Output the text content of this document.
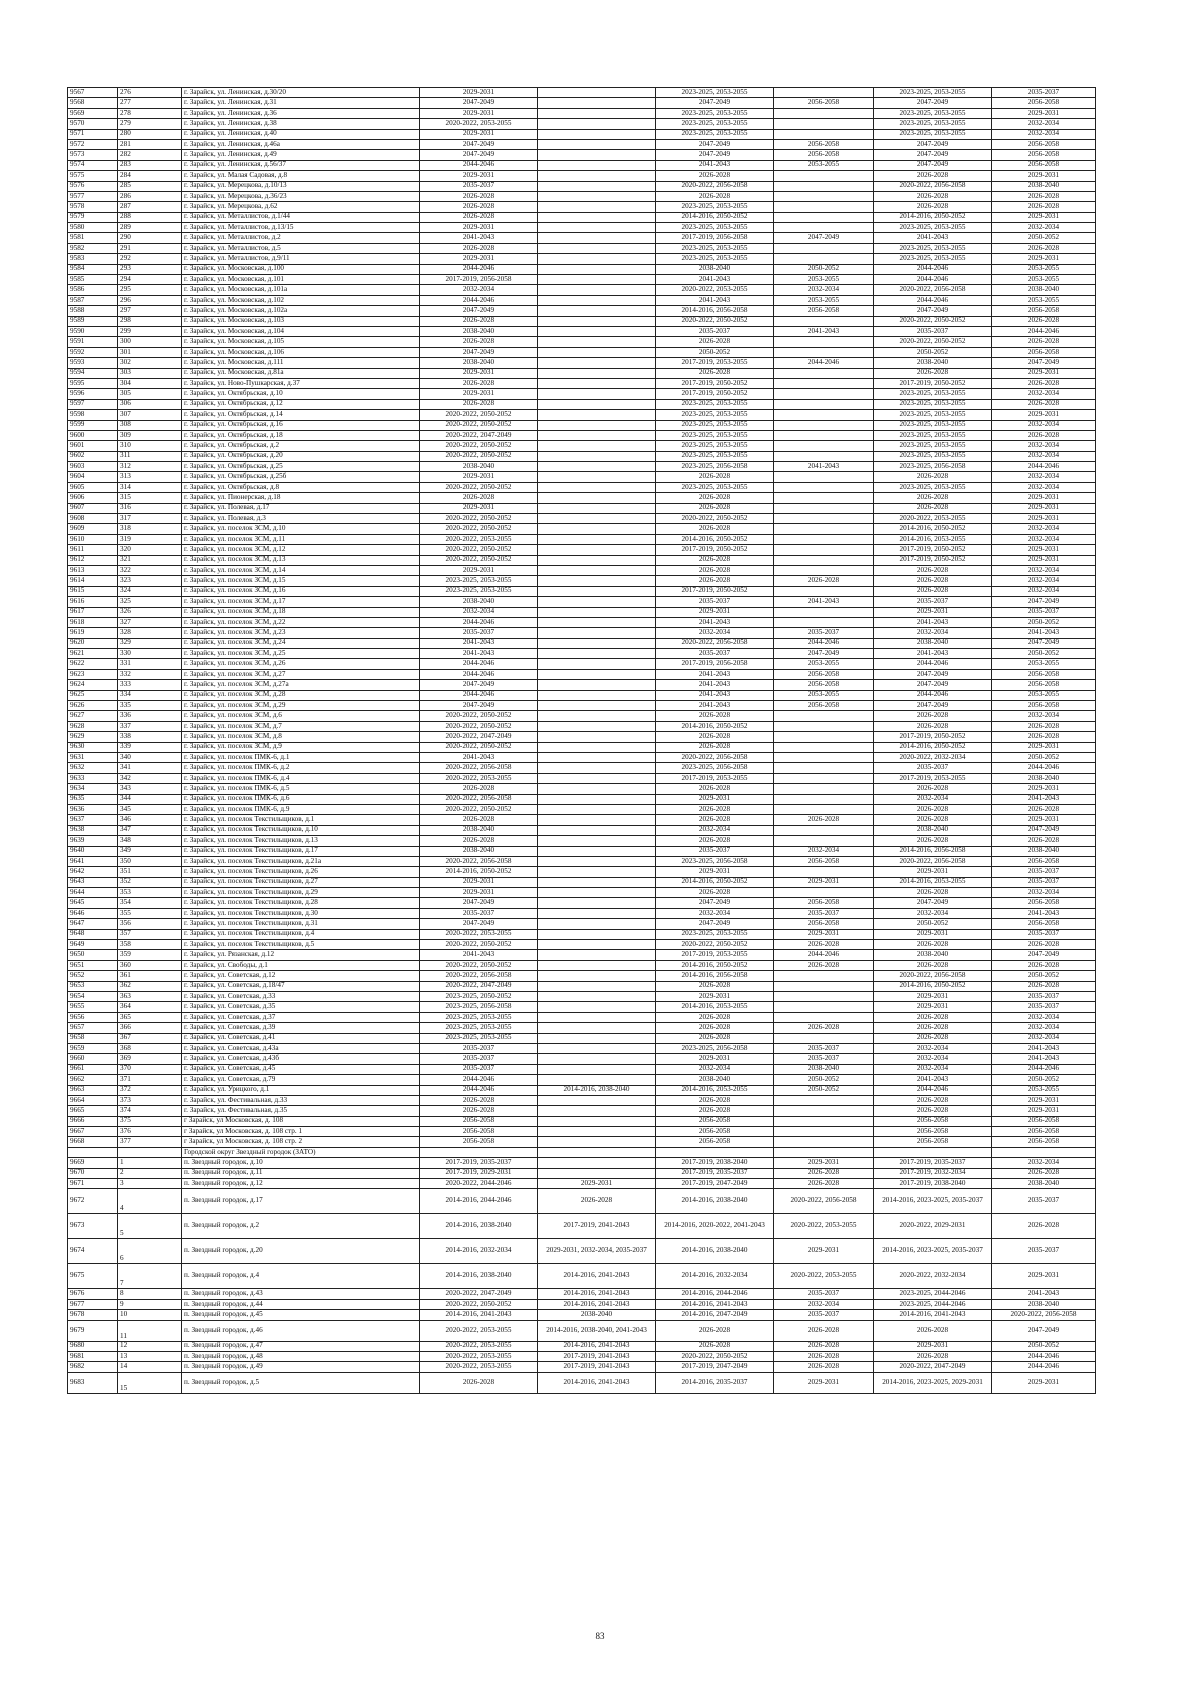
9567	276	г. Зарайск, ул. Ленинская, д.30/20	2029-2031		2023-2025, 2053-2055		2023-2025, 2053-2055	2035-2037
9568	277	г. Зарайск, ул. Ленинская, д.31	2047-2049		2047-2049	2056-2058	2047-2049	2056-2058
9569	278	г. Зарайск, ул. Ленинская, д.36	2029-2031		2023-2025, 2053-2055		2023-2025, 2053-2055	2029-2031
9570	279	г. Зарайск, ул. Ленинская, д.38	2020-2022, 2053-2055		2023-2025, 2053-2055		2023-2025, 2053-2055	2032-2034
9571	280	г. Зарайск, ул. Ленинская, д.40	2029-2031		2023-2025, 2053-2055		2023-2025, 2053-2055	2032-2034
9572	281	г. Зарайск, ул. Ленинская, д.46а	2047-2049		2047-2049	2056-2058	2047-2049	2056-2058
9573	282	г. Зарайск, ул. Ленинская, д.49	2047-2049		2047-2049	2056-2058	2047-2049	2056-2058
9574	283	г. Зарайск, ул. Ленинская, д.56/37	2044-2046		2041-2043	2053-2055	2047-2049	2056-2058
9575	284	г. Зарайск, ул. Малая Садовая, д.8	2029-2031		2026-2028		2026-2028	2029-2031
9576	285	г. Зарайск, ул. Мерецкова, д.10/13	2035-2037		2020-2022, 2056-2058		2020-2022, 2056-2058	2038-2040
9577	286	г. Зарайск, ул. Мерецкова, д.36/23	2026-2028		2026-2028		2026-2028	2026-2028
9578	287	г. Зарайск, ул. Мерецкова, д.62	2026-2028		2023-2025, 2053-2055		2026-2028	2026-2028
9579	288	г. Зарайск, ул. Металлистов, д.1/44	2026-2028		2014-2016, 2050-2052		2014-2016, 2050-2052	2029-2031
9580	289	г. Зарайск, ул. Металлистов, д.13/15	2029-2031		2023-2025, 2053-2055		2023-2025, 2053-2055	2032-2034
9581	290	г. Зарайск, ул. Металлистов, д.2	2041-2043		2017-2019, 2056-2058	2047-2049	2041-2043	2050-2052
9582	291	г. Зарайск, ул. Металлистов, д.5	2026-2028		2023-2025, 2053-2055		2023-2025, 2053-2055	2026-2028
9583	292	г. Зарайск, ул. Металлистов, д.9/11	2029-2031		2023-2025, 2053-2055		2023-2025, 2053-2055	2029-2031
9584	293	г. Зарайск, ул. Московская, д.100	2044-2046		2038-2040	2050-2052	2044-2046	2053-2055
9585	294	г. Зарайск, ул. Московская, д.101	2017-2019, 2056-2058		2041-2043	2053-2055	2044-2046	2053-2055
9586	295	г. Зарайск, ул. Московская, д.101а	2032-2034		2020-2022, 2053-2055	2032-2034	2020-2022, 2056-2058	2038-2040
9587	296	г. Зарайск, ул. Московская, д.102	2044-2046		2041-2043	2053-2055	2044-2046	2053-2055
9588	297	г. Зарайск, ул. Московская, д.102а	2047-2049		2014-2016, 2056-2058	2056-2058	2047-2049	2056-2058
9589	298	г. Зарайск, ул. Московская, д.103	2026-2028		2020-2022, 2050-2052		2020-2022, 2050-2052	2026-2028
9590	299	г. Зарайск, ул. Московская, д.104	2038-2040		2035-2037	2041-2043	2035-2037	2044-2046
9591	300	г. Зарайск, ул. Московская, д.105	2026-2028		2026-2028		2020-2022, 2050-2052	2026-2028
9592	301	г. Зарайск, ул. Московская, д.106	2047-2049		2050-2052		2050-2052	2056-2058
9593	302	г. Зарайск, ул. Московская, д.111	2038-2040		2017-2019, 2053-2055	2044-2046	2038-2040	2047-2049
9594	303	г. Зарайск, ул. Московская, д.81а	2029-2031		2026-2028		2026-2028	2029-2031
9595	304	г. Зарайск, ул. Ново-Пушкарская, д.37	2026-2028		2017-2019, 2050-2052		2017-2019, 2050-2052	2026-2028
9596	305	г. Зарайск, ул. Октябрьская, д.10	2029-2031		2017-2019, 2050-2052		2023-2025, 2053-2055	2032-2034
9597	306	г. Зарайск, ул. Октябрьская, д.12	2026-2028		2023-2025, 2053-2055		2023-2025, 2053-2055	2026-2028
9598	307	г. Зарайск, ул. Октябрьская, д.14	2020-2022, 2050-2052		2023-2025, 2053-2055		2023-2025, 2053-2055	2029-2031
9599	308	г. Зарайск, ул. Октябрьская, д.16	2020-2022, 2050-2052		2023-2025, 2053-2055		2023-2025, 2053-2055	2032-2034
9600	309	г. Зарайск, ул. Октябрьская, д.18	2020-2022, 2047-2049		2023-2025, 2053-2055		2023-2025, 2053-2055	2026-2028
9601	310	г. Зарайск, ул. Октябрьская, д.2	2020-2022, 2050-2052		2023-2025, 2053-2055		2023-2025, 2053-2055	2032-2034
9602	311	г. Зарайск, ул. Октябрьская, д.20	2020-2022, 2050-2052		2023-2025, 2053-2055		2023-2025, 2053-2055	2032-2034
9603	312	г. Зарайск, ул. Октябрьская, д.25	2038-2040		2023-2025, 2056-2058	2041-2043	2023-2025, 2056-2058	2044-2046
9604	313	г. Зарайск, ул. Октябрьская, д.25б	2029-2031		2026-2028		2026-2028	2032-2034
9605	314	г. Зарайск, ул. Октябрьская, д.8	2020-2022, 2050-2052		2023-2025, 2053-2055		2023-2025, 2053-2055	2032-2034
9606	315	г. Зарайск, ул. Пионерская, д.18	2026-2028		2026-2028		2026-2028	2029-2031
9607	316	г. Зарайск, ул. Полевая, д.17	2029-2031		2026-2028		2026-2028	2029-2031
9608	317	г. Зарайск, ул. Полевая, д.3	2020-2022, 2050-2052		2020-2022, 2050-2052		2020-2022, 2053-2055	2029-2031
9609	318	г. Зарайск, ул. поселок ЗСМ, д.10	2020-2022, 2050-2052		2026-2028		2014-2016, 2050-2052	2032-2034
9610	319	г. Зарайск, ул. поселок ЗСМ, д.11	2020-2022, 2053-2055		2014-2016, 2050-2052		2014-2016, 2053-2055	2032-2034
9611	320	г. Зарайск, ул. поселок ЗСМ, д.12	2020-2022, 2050-2052		2017-2019, 2050-2052		2017-2019, 2050-2052	2029-2031
9612	321	г. Зарайск, ул. поселок ЗСМ, д.13	2020-2022, 2050-2052		2026-2028		2017-2019, 2050-2052	2029-2031
9613	322	г. Зарайск, ул. поселок ЗСМ, д.14	2029-2031		2026-2028		2026-2028	2032-2034
9614	323	г. Зарайск, ул. поселок ЗСМ, д.15	2023-2025, 2053-2055		2026-2028	2026-2028	2026-2028	2032-2034
9615	324	г. Зарайск, ул. поселок ЗСМ, д.16	2023-2025, 2053-2055		2017-2019, 2050-2052		2026-2028	2032-2034
9616	325	г. Зарайск, ул. поселок ЗСМ, д.17	2038-2040		2035-2037	2041-2043	2035-2037	2047-2049
9617	326	г. Зарайск, ул. поселок ЗСМ, д.18	2032-2034		2029-2031		2029-2031	2035-2037
9618	327	г. Зарайск, ул. поселок ЗСМ, д.22	2044-2046		2041-2043		2041-2043	2050-2052
9619	328	г. Зарайск, ул. поселок ЗСМ, д.23	2035-2037		2032-2034	2035-2037	2032-2034	2041-2043
9620	329	г. Зарайск, ул. поселок ЗСМ, д.24	2041-2043		2020-2022, 2056-2058	2044-2046	2038-2040	2047-2049
9621	330	г. Зарайск, ул. поселок ЗСМ, д.25	2041-2043		2035-2037	2047-2049	2041-2043	2050-2052
9622	331	г. Зарайск, ул. поселок ЗСМ, д.26	2044-2046		2017-2019, 2056-2058	2053-2055	2044-2046	2053-2055
9623	332	г. Зарайск, ул. поселок ЗСМ, д.27	2044-2046		2041-2043	2056-2058	2047-2049	2056-2058
9624	333	г. Зарайск, ул. поселок ЗСМ, д.27а	2047-2049		2041-2043	2056-2058	2047-2049	2056-2058
9625	334	г. Зарайск, ул. поселок ЗСМ, д.28	2044-2046		2041-2043	2053-2055	2044-2046	2053-2055
9626	335	г. Зарайск, ул. поселок ЗСМ, д.29	2047-2049		2041-2043	2056-2058	2047-2049	2056-2058
9627	336	г. Зарайск, ул. поселок ЗСМ, д.6	2020-2022, 2050-2052		2026-2028		2026-2028	2032-2034
9628	337	г. Зарайск, ул. поселок ЗСМ, д.7	2020-2022, 2050-2052		2014-2016, 2050-2052		2026-2028	2026-2028
9629	338	г. Зарайск, ул. поселок ЗСМ, д.8	2020-2022, 2047-2049		2026-2028		2017-2019, 2050-2052	2026-2028
9630	339	г. Зарайск, ул. поселок ЗСМ, д.9	2020-2022, 2050-2052		2026-2028		2014-2016, 2050-2052	2029-2031
9631	340	г. Зарайск, ул. поселок ПМК-6, д.1	2041-2043		2020-2022, 2056-2058		2020-2022, 2032-2034	2050-2052
9632	341	г. Зарайск, ул. поселок ПМК-6, д.2	2020-2022, 2056-2058		2023-2025, 2056-2058		2035-2037	2044-2046
9633	342	г. Зарайск, ул. поселок ПМК-6, д.4	2020-2022, 2053-2055		2017-2019, 2053-2055		2017-2019, 2053-2055	2038-2040
9634	343	г. Зарайск, ул. поселок ПМК-6, д.5	2026-2028		2026-2028		2026-2028	2029-2031
9635	344	г. Зарайск, ул. поселок ПМК-6, д.6	2020-2022, 2056-2058		2029-2031		2032-2034	2041-2043
9636	345	г. Зарайск, ул. поселок ПМК-6, д.9	2020-2022, 2050-2052		2026-2028		2026-2028	2026-2028
9637	346	г. Зарайск, ул. поселок Текстильщиков, д.1	2026-2028		2026-2028	2026-2028	2026-2028	2029-2031
9638	347	г. Зарайск, ул. поселок Текстильщиков, д.10	2038-2040		2032-2034		2038-2040	2047-2049
9639	348	г. Зарайск, ул. поселок Текстильщиков, д.13	2026-2028		2026-2028		2026-2028	2026-2028
9640	349	г. Зарайск, ул. поселок Текстильщиков, д.17	2038-2040		2035-2037	2032-2034	2014-2016, 2056-2058	2038-2040
9641	350	г. Зарайск, ул. поселок Текстильщиков, д.21а	2020-2022, 2056-2058		2023-2025, 2056-2058	2056-2058	2020-2022, 2056-2058	2056-2058
9642	351	г. Зарайск, ул. поселок Текстильщиков, д.26	2014-2016, 2050-2052		2029-2031		2029-2031	2035-2037
9643	352	г. Зарайск, ул. поселок Текстильщиков, д.27	2029-2031		2014-2016, 2050-2052	2029-2031	2014-2016, 2053-2055	2035-2037
9644	353	г. Зарайск, ул. поселок Текстильщиков, д.29	2029-2031		2026-2028		2026-2028	2032-2034
9645	354	г. Зарайск, ул. поселок Текстильщиков, д.28	2047-2049		2047-2049	2056-2058	2047-2049	2056-2058
9646	355	г. Зарайск, ул. поселок Текстильщиков, д.30	2035-2037		2032-2034	2035-2037	2032-2034	2041-2043
9647	356	г. Зарайск, ул. поселок Текстильщиков, д.31	2047-2049		2047-2049	2056-2058	2050-2052	2056-2058
9648	357	г. Зарайск, ул. поселок Текстильщиков, д.4	2020-2022, 2053-2055		2023-2025, 2053-2055	2029-2031	2029-2031	2035-2037
9649	358	г. Зарайск, ул. поселок Текстильщиков, д.5	2020-2022, 2050-2052		2020-2022, 2050-2052	2026-2028	2026-2028	2026-2028
9650	359	г. Зарайск, ул. Рязанская, д.12	2041-2043		2017-2019, 2053-2055	2044-2046	2038-2040	2047-2049
9651	360	г. Зарайск, ул. Свободы, д.1	2020-2022, 2050-2052		2014-2016, 2050-2052	2026-2028	2026-2028	2026-2028
9652	361	г. Зарайск, ул. Советская, д.12	2020-2022, 2056-2058		2014-2016, 2056-2058		2020-2022, 2056-2058	2050-2052
9653	362	г. Зарайск, ул. Советская, д.18/47	2020-2022, 2047-2049		2026-2028		2014-2016, 2050-2052	2026-2028
9654	363	г. Зарайск, ул. Советская, д.33	2023-2025, 2050-2052		2029-2031		2029-2031	2035-2037
9655	364	г. Зарайск, ул. Советская, д.35	2023-2025, 2056-2058		2014-2016, 2053-2055		2029-2031	2035-2037
9656	365	г. Зарайск, ул. Советская, д.37	2023-2025, 2053-2055		2026-2028		2026-2028	2032-2034
9657	366	г. Зарайск, ул. Советская, д.39	2023-2025, 2053-2055		2026-2028	2026-2028	2026-2028	2032-2034
9658	367	г. Зарайск, ул. Советская, д.41	2023-2025, 2053-2055		2026-2028		2026-2028	2032-2034
9659	368	г. Зарайск, ул. Советская, д.43а	2035-2037		2023-2025, 2056-2058	2035-2037	2032-2034	2041-2043
9660	369	г. Зарайск, ул. Советская, д.43б	2035-2037		2029-2031	2035-2037	2032-2034	2041-2043
9661	370	г. Зарайск, ул. Советская, д.45	2035-2037		2032-2034	2038-2040	2032-2034	2044-2046
9662	371	г. Зарайск, ул. Советская, д.79	2044-2046		2038-2040	2050-2052	2041-2043	2050-2052
9663	372	г. Зарайск, ул. Урицкого, д.1	2044-2046	2014-2016, 2038-2040	2014-2016, 2053-2055	2050-2052	2044-2046	2053-2055
9664	373	г. Зарайск, ул. Фестивальная, д.33	2026-2028		2026-2028		2026-2028	2029-2031
9665	374	г. Зарайск, ул. Фестивальная, д.35	2026-2028		2026-2028		2026-2028	2029-2031
9666	375	г Зарайск, ул Московская, д. 108	2056-2058		2056-2058		2056-2058	2056-2058
9667	376	г Зарайск, ул Московская, д. 108 стр. 1	2056-2058		2056-2058		2056-2058	2056-2058
9668	377	г Зарайск, ул Московская, д. 108 стр. 2	2056-2058		2056-2058		2056-2058	2056-2058
		Городской округ Звездный городок (ЗАТО)						
9669	1	п. Звездный городок, д.10	2017-2019, 2035-2037		2017-2019, 2038-2040	2029-2031	2017-2019, 2035-2037	2032-2034
9670	2	п. Звездный городок, д.11	2017-2019, 2029-2031		2017-2019, 2035-2037	2026-2028	2017-2019, 2032-2034	2026-2028
9671	3	п. Звездный городок, д.12	2020-2022, 2044-2046	2029-2031	2017-2019, 2047-2049	2026-2028	2017-2019, 2038-2040	2038-2040
9672	4	п. Звездный городок, д.17	2014-2016, 2044-2046	2026-2028	2014-2016, 2038-2040	2020-2022, 2056-2058	2014-2016, 2023-2025, 2035-2037	2035-2037
9673	5	п. Звездный городок, д.2	2014-2016, 2038-2040	2017-2019, 2041-2043	2014-2016, 2020-2022, 2041-2043	2020-2022, 2053-2055	2020-2022, 2029-2031	2026-2028
9674	6	п. Звездный городок, д.20	2014-2016, 2032-2034	2029-2031, 2032-2034, 2035-2037	2014-2016, 2038-2040	2029-2031	2014-2016, 2023-2025, 2035-2037	2035-2037
9675	7	п. Звездный городок, д.4	2014-2016, 2038-2040	2014-2016, 2041-2043	2014-2016, 2032-2034	2020-2022, 2053-2055	2020-2022, 2032-2034	2029-2031
9676	8	п. Звездный городок, д.43	2020-2022, 2047-2049	2014-2016, 2041-2043	2014-2016, 2044-2046	2035-2037	2023-2025, 2044-2046	2041-2043
9677	9	п. Звездный городок, д.44	2020-2022, 2050-2052	2014-2016, 2041-2043	2014-2016, 2041-2043	2032-2034	2023-2025, 2044-2046	2038-2040
9678	10	п. Звездный городок, д.45	2014-2016, 2041-2043	2038-2040	2014-2016, 2047-2049	2035-2037	2014-2016, 2041-2043	2020-2022, 2056-2058
9679	11	п. Звездный городок, д.46	2020-2022, 2053-2055	2014-2016, 2038-2040, 2041-2043	2026-2028	2026-2028	2026-2028	2047-2049
9680	12	п. Звездный городок, д.47	2020-2022, 2053-2055	2014-2016, 2041-2043	2026-2028	2026-2028	2029-2031	2050-2052
9681	13	п. Звездный городок, д.48	2020-2022, 2053-2055	2017-2019, 2041-2043	2020-2022, 2050-2052	2026-2028	2026-2028	2044-2046
9682	14	п. Звездный городок, д.49	2020-2022, 2053-2055	2017-2019, 2041-2043	2017-2019, 2047-2049	2026-2028	2020-2022, 2047-2049	2044-2046
9683	15	п. Звездный городок, д.5	2026-2028	2014-2016, 2041-2043	2014-2016, 2035-2037	2029-2031	2014-2016, 2023-2025, 2029-2031	2029-2031
83
